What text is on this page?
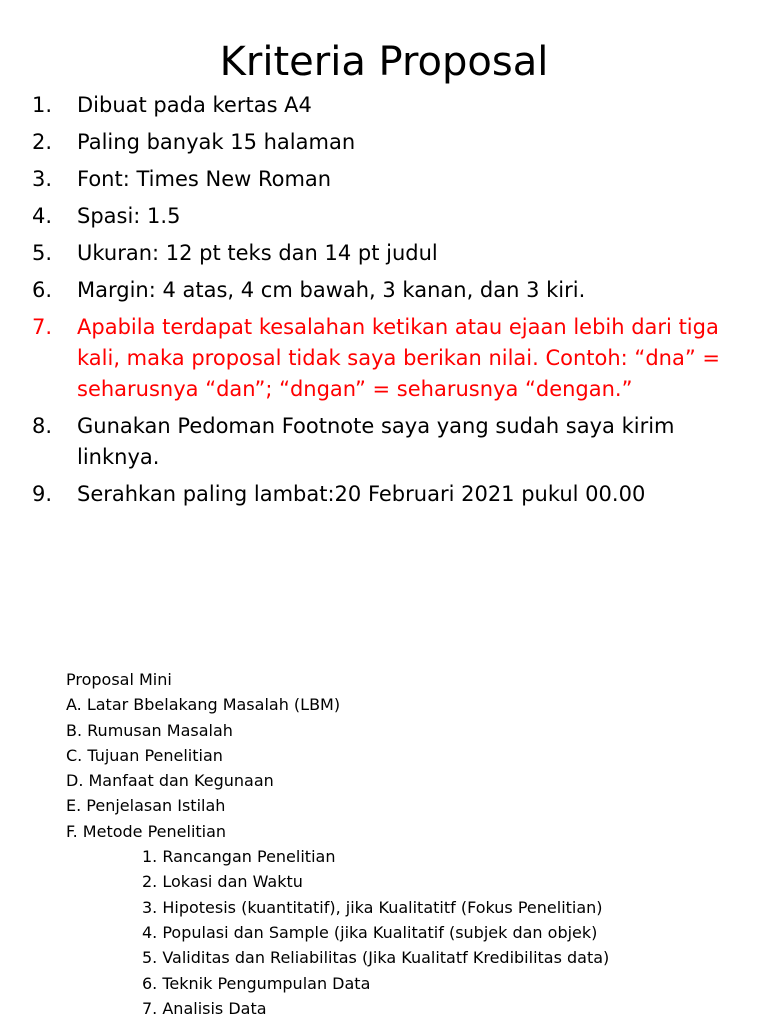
Kriteria Proposal
1.	Dibuat pada kertas A4
2.	Paling banyak 15 halaman
3.	Font: Times New Roman
4.	Spasi: 1.5
5.	Ukuran: 12 pt teks dan 14 pt judul
6.	Margin: 4 atas, 4 cm bawah, 3 kanan, dan 3 kiri.
7.	Apabila terdapat kesalahan ketikan atau ejaan lebih dari tiga kali, maka proposal tidak saya berikan nilai. Contoh: “dna” = seharusnya “dan”; “dngan” = seharusnya “dengan.”
8.	Gunakan Pedoman Footnote saya yang sudah saya kirim linknya.
9.	Serahkan paling lambat:20 Februari 2021 pukul 00.00
Proposal Mini
A. Latar Bbelakang Masalah (LBM)
B. Rumusan Masalah
C. Tujuan Penelitian
D. Manfaat dan Kegunaan
E. Penjelasan Istilah
F. Metode Penelitian
1. Rancangan Penelitian
2. Lokasi dan Waktu
3. Hipotesis (kuantitatif), jika Kualitatitf (Fokus Penelitian)
4. Populasi dan Sample (jika Kualitatif (subjek dan objek)
5. Validitas dan Reliabilitas (Jika Kualitatf Kredibilitas data)
6. Teknik Pengumpulan Data
7. Analisis Data
